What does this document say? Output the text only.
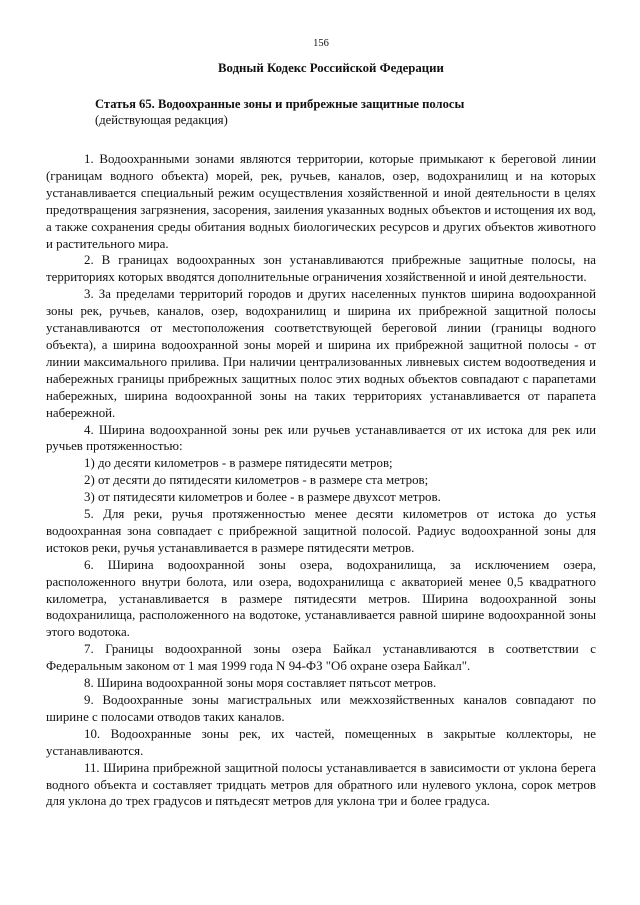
156
Водный Кодекс Российской Федерации
Статья 65. Водоохранные зоны и прибрежные защитные полосы
(действующая редакция)

1. Водоохранными зонами являются территории, которые примыкают к береговой линии (границам водного объекта) морей, рек, ручьев, каналов, озер, водохранилищ и на которых устанавливается специальный режим осуществления хозяйственной и иной деятельности в целях предотвращения загрязнения, засорения, заиления указанных водных объектов и истощения их вод, а также сохранения среды обитания водных биологических ресурсов и других объектов животного и растительного мира.

2. В границах водоохранных зон устанавливаются прибрежные защитные полосы, на территориях которых вводятся дополнительные ограничения хозяйственной и иной деятельности.

3. За пределами территорий городов и других населенных пунктов ширина водоохранной зоны рек, ручьев, каналов, озер, водохранилищ и ширина их прибрежной защитной полосы устанавливаются от местоположения соответствующей береговой линии (границы водного объекта), а ширина водоохранной зоны морей и ширина их прибрежной защитной полосы - от линии максимального прилива. При наличии централизованных ливневых систем водоотведения и набережных границы прибрежных защитных полос этих водных объектов совпадают с парапетами набережных, ширина водоохранной зоны на таких территориях устанавливается от парапета набережной.

4. Ширина водоохранной зоны рек или ручьев устанавливается от их истока для рек или ручьев протяженностью:

1) до десяти километров - в размере пятидесяти метров;

2) от десяти до пятидесяти километров - в размере ста метров;

3) от пятидесяти километров и более - в размере двухсот метров.

5. Для реки, ручья протяженностью менее десяти километров от истока до устья водоохранная зона совпадает с прибрежной защитной полосой. Радиус водоохранной зоны для истоков реки, ручья устанавливается в размере пятидесяти метров.

6. Ширина водоохранной зоны озера, водохранилища, за исключением озера, расположенного внутри болота, или озера, водохранилища с акваторией менее 0,5 квадратного километра, устанавливается в размере пятидесяти метров. Ширина водоохранной зоны водохранилища, расположенного на водотоке, устанавливается равной ширине водоохранной зоны этого водотока.

7. Границы водоохранной зоны озера Байкал устанавливаются в соответствии с Федеральным законом от 1 мая 1999 года N 94-ФЗ "Об охране озера Байкал".

8. Ширина водоохранной зоны моря составляет пятьсот метров.

9. Водоохранные зоны магистральных или межхозяйственных каналов совпадают по ширине с полосами отводов таких каналов.

10. Водоохранные зоны рек, их частей, помещенных в закрытые коллекторы, не устанавливаются.

11. Ширина прибрежной защитной полосы устанавливается в зависимости от уклона берега водного объекта и составляет тридцать метров для обратного или нулевого уклона, сорок метров для уклона до трех градусов и пятьдесят метров для уклона три и более градуса.
